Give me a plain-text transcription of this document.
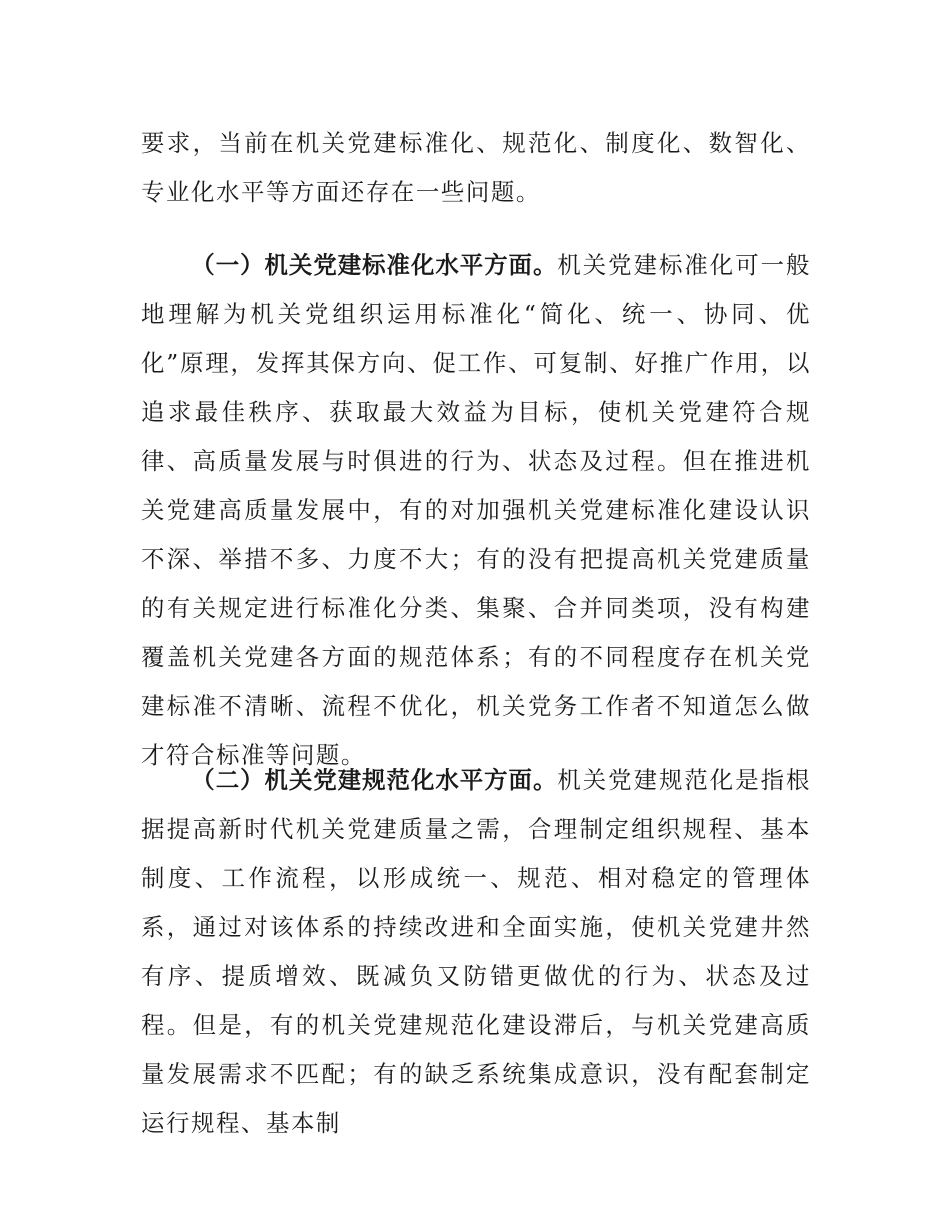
要求，当前在机关党建标准化、规范化、制度化、数智化、专业化水平等方面还存在一些问题。

（一）机关党建标准化水平方面。机关党建标准化可一般地理解为机关党组织运用标准化“简化、统一、协同、优化”原理，发挥其保方向、促工作、可复制、好推广作用，以追求最佳秩序、获取最大效益为目标，使机关党建符合规律、高质量发展与时俱进的行为、状态及过程。但在推进机关党建高质量发展中，有的对加强机关党建标准化建设认识不深、举措不多、力度不大；有的没有把提高机关党建质量的有关规定进行标准化分类、集聚、合并同类项，没有构建覆盖机关党建各方面的规范体系；有的不同程度存在机关党建标准不清晰、流程不优化，机关党务工作者不知道怎么做才符合标准等问题。

（二）机关党建规范化水平方面。机关党建规范化是指根据提高新时代机关党建质量之需，合理制定组织规程、基本制度、工作流程，以形成统一、规范、相对稳定的管理体系，通过对该体系的持续改进和全面实施，使机关党建井然有序、提质增效、既减负又防错更做优的行为、状态及过程。但是，有的机关党建规范化建设滞后，与机关党建高质量发展需求不匹配；有的缺乏系统集成意识，没有配套制定运行规程、基本制
